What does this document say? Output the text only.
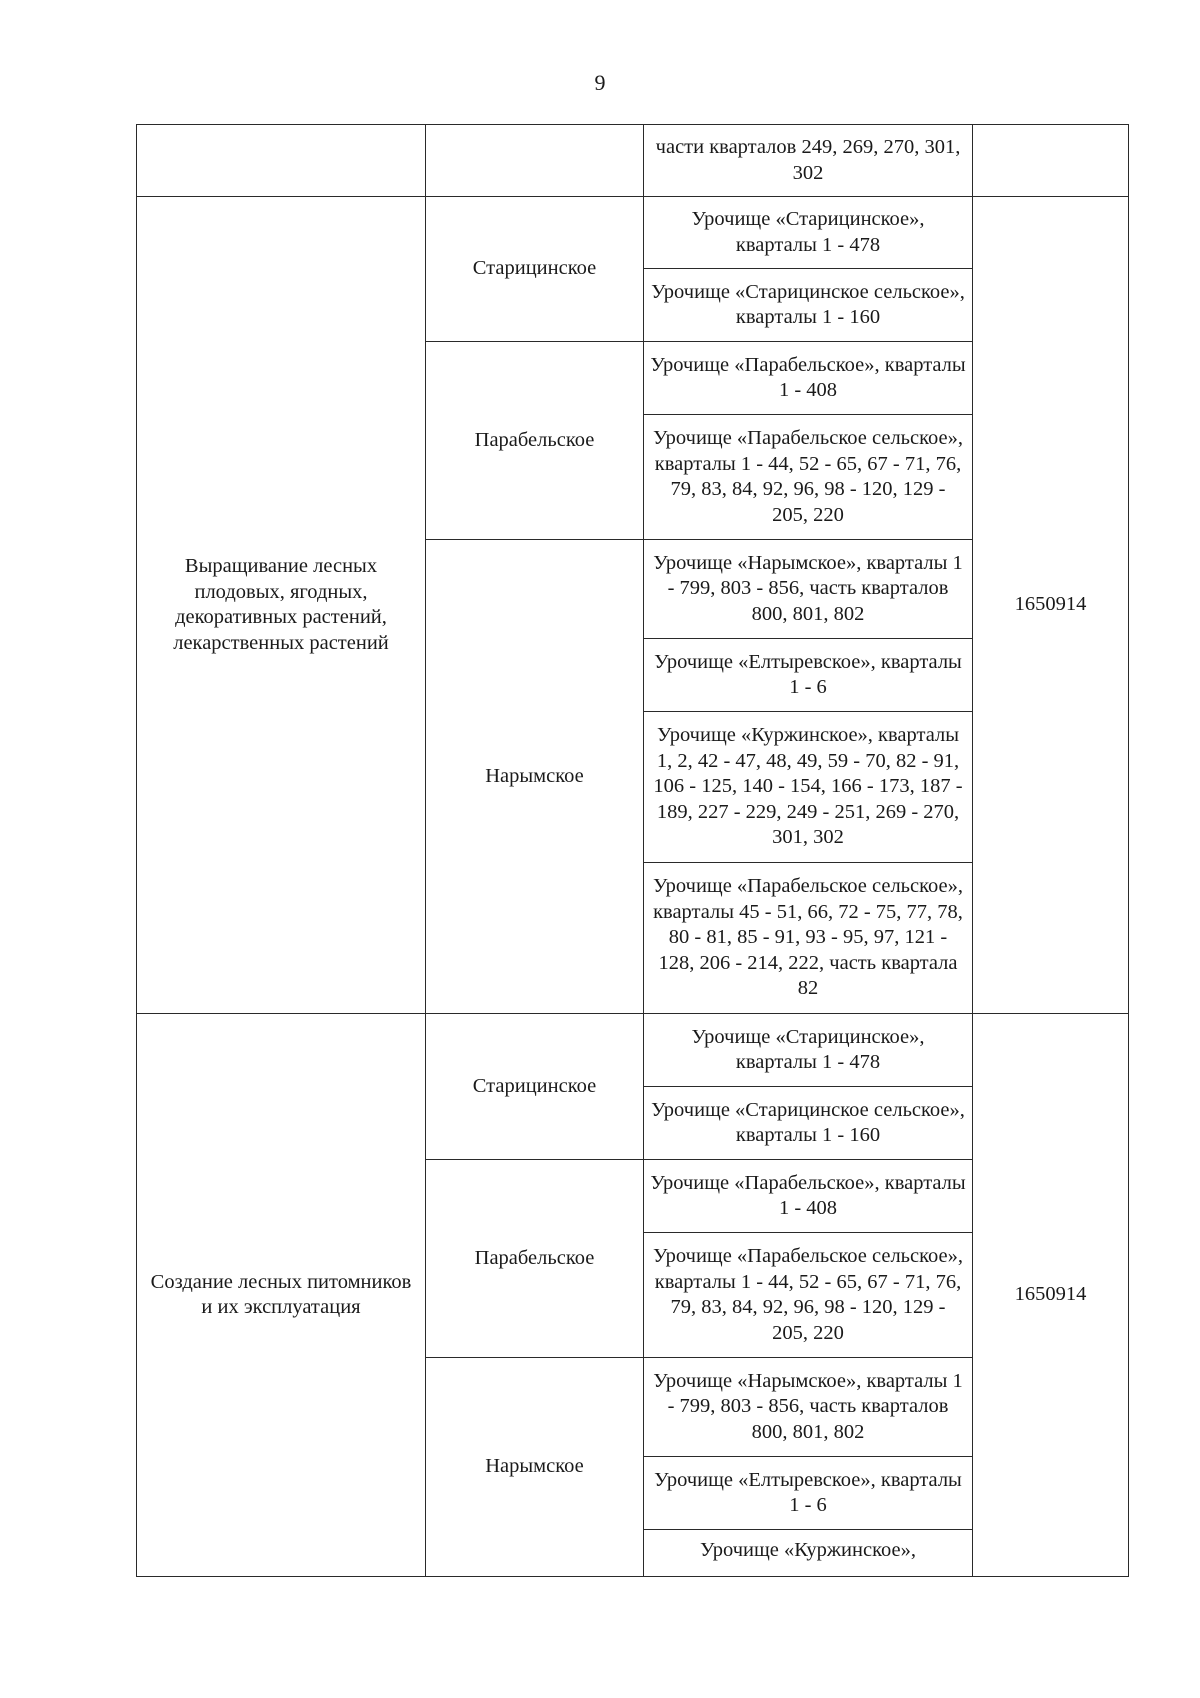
9
		части кварталов 249, 269, 270, 301, 302	
Выращивание лесных плодовых, ягодных, декоративных растений, лекарственных растений	Старицинское	Урочище «Старицинское», кварталы 1 - 478	1650914
		Урочище «Старицинское сельское», кварталы 1 - 160	
	Парабельское	Урочище «Парабельское», кварталы 1 - 408	
		Урочище «Парабельское сельское», кварталы 1 - 44, 52 - 65, 67 - 71, 76, 79, 83, 84, 92, 96, 98 - 120, 129 - 205, 220	
	Нарымское	Урочище «Нарымское», кварталы 1 - 799, 803 - 856, часть кварталов 800, 801, 802	
		Урочище «Елтыревское», кварталы 1 - 6	
		Урочище «Куржинское», кварталы 1, 2, 42 - 47, 48, 49, 59 - 70, 82 - 91, 106 - 125, 140 - 154, 166 - 173, 187 - 189, 227 - 229, 249 - 251, 269 - 270, 301, 302	
		Урочище «Парабельское сельское», кварталы 45 - 51, 66, 72 - 75, 77, 78, 80 - 81, 85 - 91, 93 - 95, 97, 121 - 128, 206 - 214, 222, часть квартала 82	
Создание лесных питомников и их эксплуатация	Старицинское	Урочище «Старицинское», кварталы 1 - 478	1650914
		Урочище «Старицинское сельское», кварталы 1 - 160	
	Парабельское	Урочище «Парабельское», кварталы 1 - 408	
		Урочище «Парабельское сельское», кварталы 1 - 44, 52 - 65, 67 - 71, 76, 79, 83, 84, 92, 96, 98 - 120, 129 - 205, 220	
	Нарымское	Урочище «Нарымское», кварталы 1 - 799, 803 - 856, часть кварталов 800, 801, 802	
		Урочище «Елтыревское», кварталы 1 - 6	
		Урочище «Куржинское»,	
